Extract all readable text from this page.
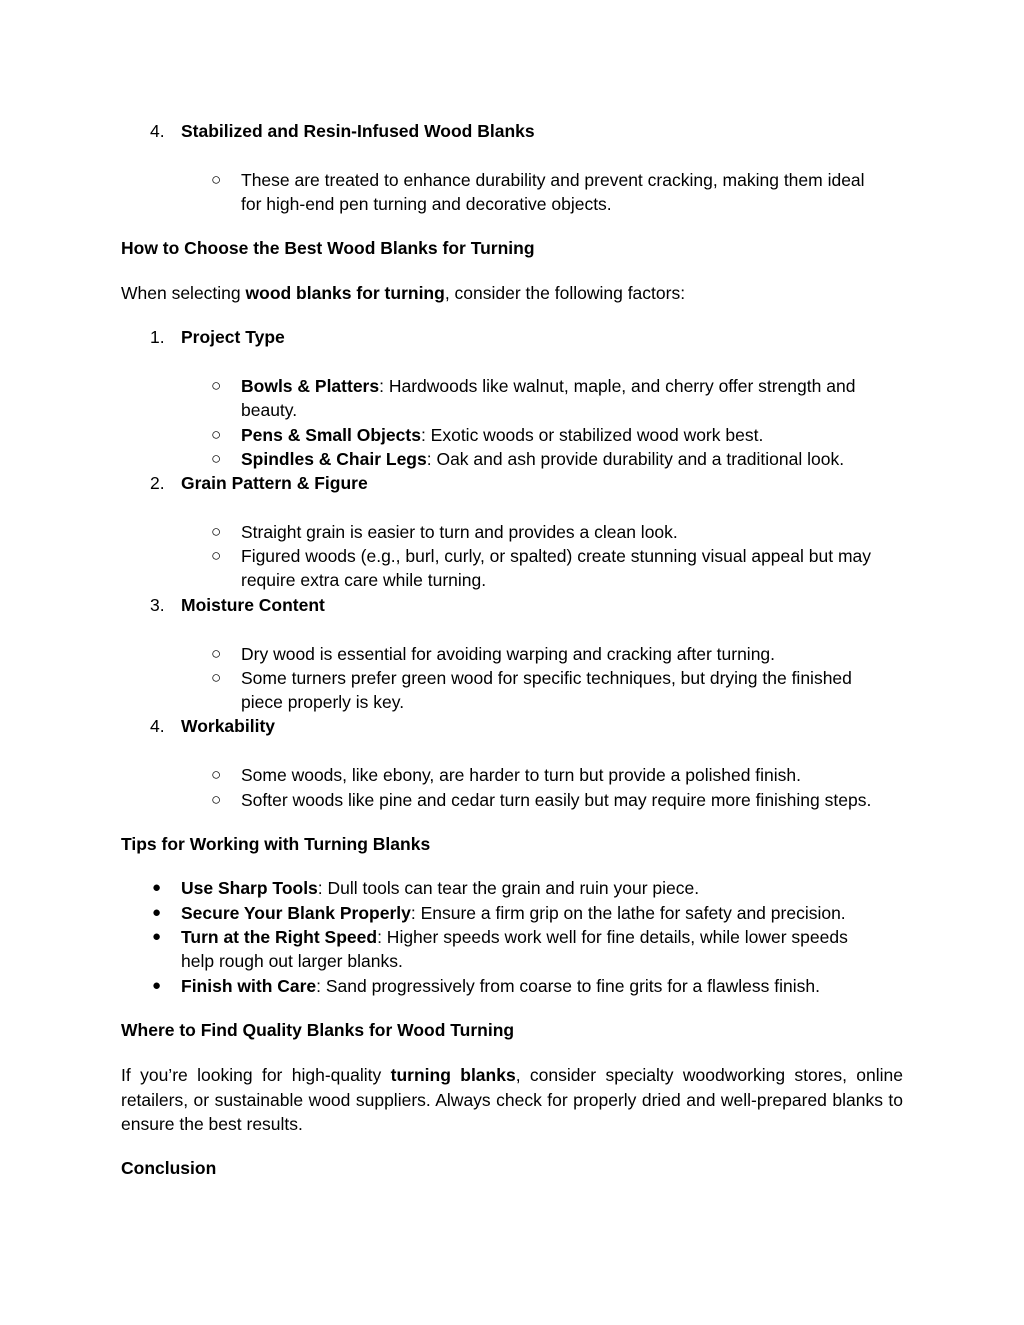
4. Stabilized and Resin-Infused Wood Blanks
○ These are treated to enhance durability and prevent cracking, making them ideal
for high-end pen turning and decorative objects.
How to Choose the Best Wood Blanks for Turning
When selecting wood blanks for turning, consider the following factors:
1. Project Type
○ Bowls & Platters: Hardwoods like walnut, maple, and cherry offer strength and
beauty.
○ Pens & Small Objects: Exotic woods or stabilized wood work best.
○ Spindles & Chair Legs: Oak and ash provide durability and a traditional look.
2. Grain Pattern & Figure
○ Straight grain is easier to turn and provides a clean look.
○ Figured woods (e.g., burl, curly, or spalted) create stunning visual appeal but may
require extra care while turning.
3. Moisture Content
○ Dry wood is essential for avoiding warping and cracking after turning.
○ Some turners prefer green wood for specific techniques, but drying the finished
piece properly is key.
4. Workability
○ Some woods, like ebony, are harder to turn but provide a polished finish.
○ Softer woods like pine and cedar turn easily but may require more finishing steps.
Tips for Working with Turning Blanks
● Use Sharp Tools: Dull tools can tear the grain and ruin your piece.
● Secure Your Blank Properly: Ensure a firm grip on the lathe for safety and precision.
● Turn at the Right Speed: Higher speeds work well for fine details, while lower speeds
help rough out larger blanks.
● Finish with Care: Sand progressively from coarse to fine grits for a flawless finish.
Where to Find Quality Blanks for Wood Turning
If you’re looking for high-quality turning blanks, consider specialty woodworking stores, online retailers, or sustainable wood suppliers. Always check for properly dried and well-prepared blanks to ensure the best results.
Conclusion
